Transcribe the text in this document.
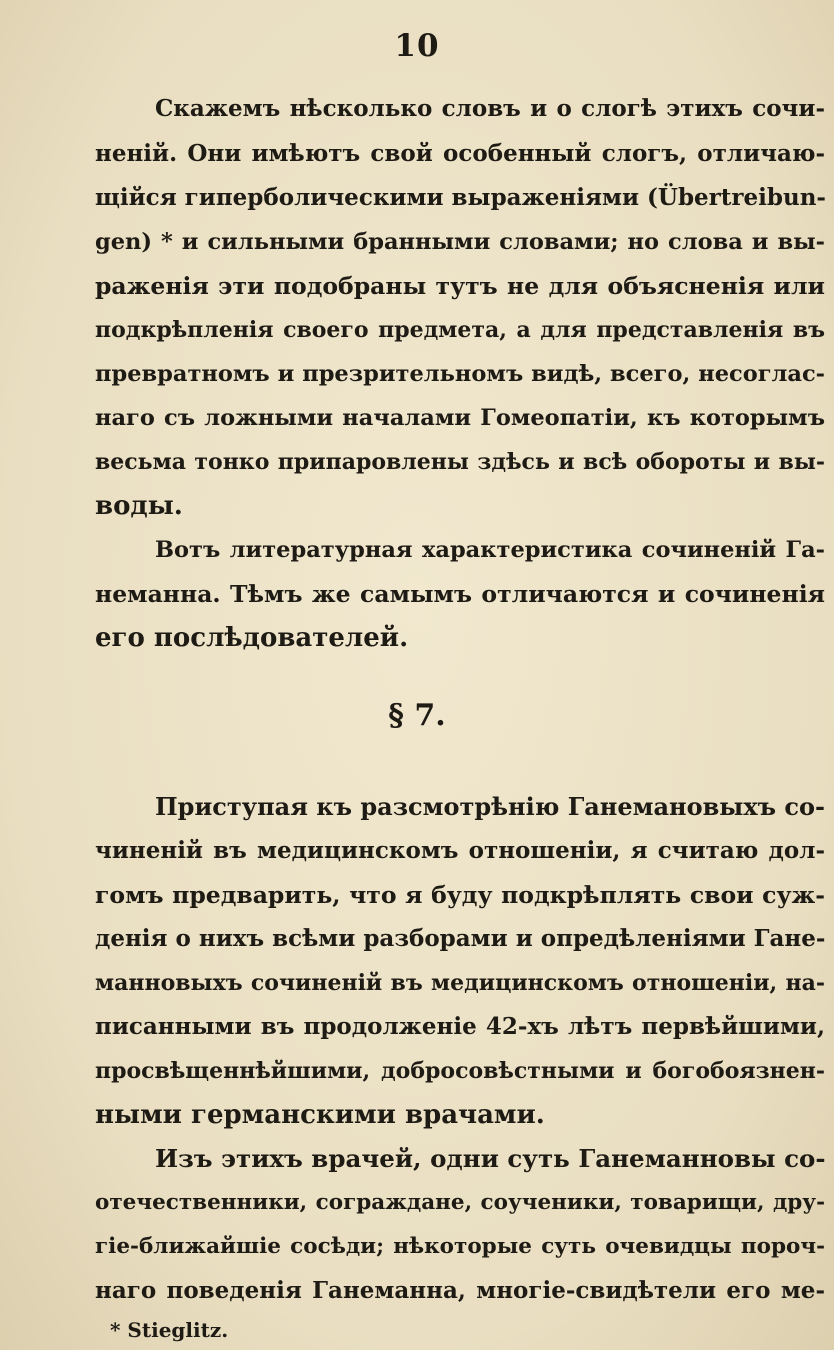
10
Скажемъ нѣсколько словъ и о слогѣ этихъ сочи-
неній. Они имѣютъ свой особенный слогъ, отличаю-
щійся гиперболическими выраженіями (Übertreibun-
gen) * и сильными бранными словами; но слова и вы-
раженія эти подобраны тутъ не для объясненія или
подкрѣпленія своего предмета, а для представленія въ
превратномъ и презрительномъ видѣ, всего, несоглас-
наго съ ложными началами Гомеопатіи, къ которымъ
весьма тонко припаровлены здѣсь и всѣ обороты и вы-
воды.
Вотъ литературная характеристика сочиненій Га-
неманна. Тѣмъ же самымъ отличаются и сочиненія
его послѣдователей.
§ 7.
Приступая къ разсмотрѣнію Ганемановыхъ со-
чиненій въ медицинскомъ отношеніи, я считаю дол-
гомъ предварить, что я буду подкрѣплять свои суж-
денія о нихъ всѣми разборами и опредѣленіями Гане-
манновыхъ сочиненій въ медицинскомъ отношеніи, на-
писанными въ продолженіе 42-хъ лѣтъ первѣйшими,
просвѣщеннѣйшими, добросовѣстными и богобоязнен-
ными германскими врачами.
Изъ этихъ врачей, одни суть Ганеманновы со-
отечественники, сограждане, соученики, товарищи, дру-
гіе-ближайшіе сосѣди; нѣкоторые суть очевидцы пороч-
наго поведенія Ганеманна, многіе-свидѣтели его ме-
* Stieglitz.
